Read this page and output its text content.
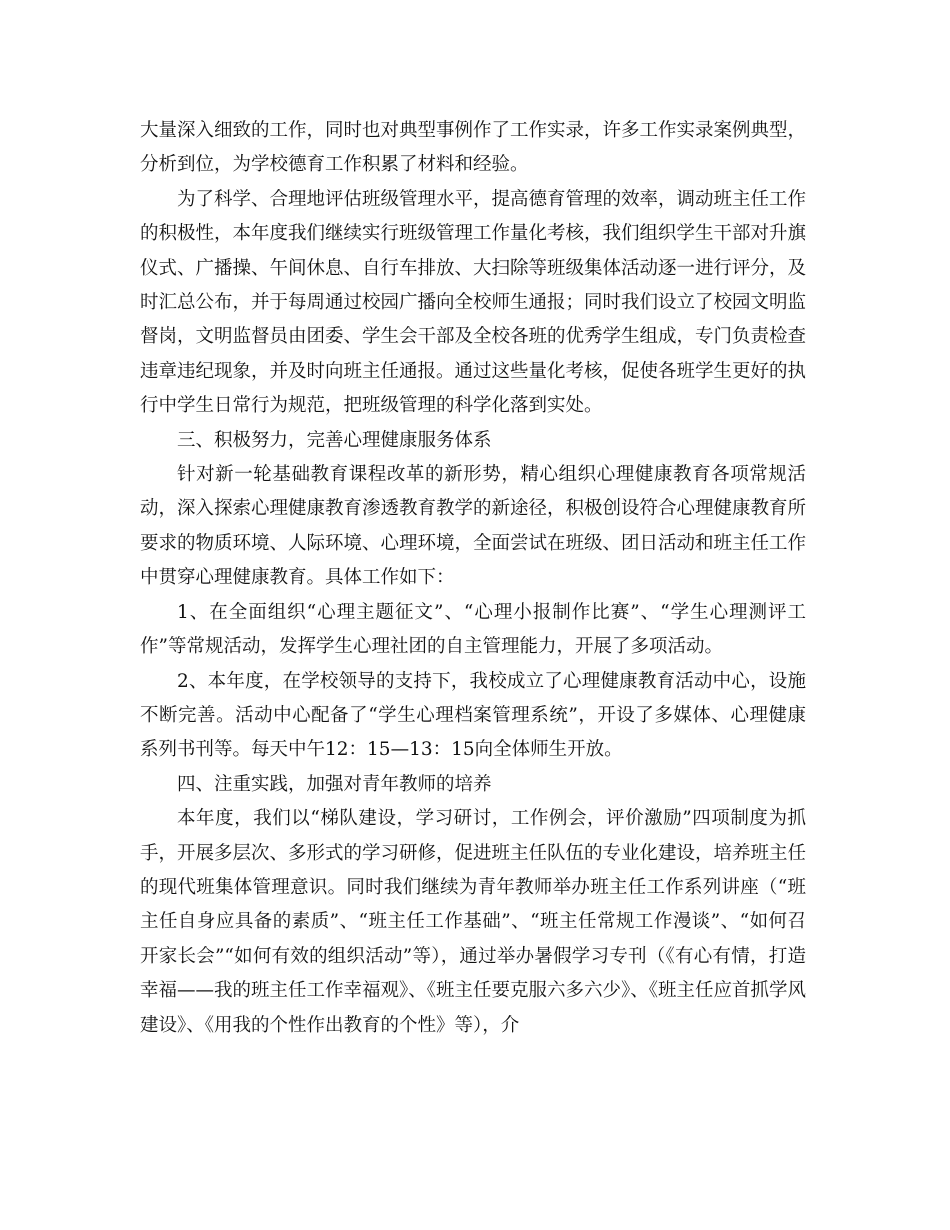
大量深入细致的工作，同时也对典型事例作了工作实录，许多工作实录案例典型，分析到位，为学校德育工作积累了材料和经验。

为了科学、合理地评估班级管理水平，提高德育管理的效率，调动班主任工作的积极性，本年度我们继续实行班级管理工作量化考核，我们组织学生干部对升旗仪式、广播操、午间休息、自行车排放、大扫除等班级集体活动逐一进行评分，及时汇总公布，并于每周通过校园广播向全校师生通报；同时我们设立了校园文明监督岗，文明监督员由团委、学生会干部及全校各班的优秀学生组成，专门负责检查违章违纪现象，并及时向班主任通报。通过这些量化考核，促使各班学生更好的执行中学生日常行为规范，把班级管理的科学化落到实处。

三、积极努力，完善心理健康服务体系

针对新一轮基础教育课程改革的新形势，精心组织心理健康教育各项常规活动，深入探索心理健康教育渗透教育教学的新途径，积极创设符合心理健康教育所要求的物质环境、人际环境、心理环境，全面尝试在班级、团日活动和班主任工作中贯穿心理健康教育。具体工作如下：

1、在全面组织“心理主题征文”、“心理小报制作比赛”、“学生心理测评工作”等常规活动，发挥学生心理社团的自主管理能力，开展了多项活动。

2、本年度，在学校领导的支持下，我校成立了心理健康教育活动中心，设施不断完善。活动中心配备了“学生心理档案管理系统”，开设了多媒体、心理健康系列书刊等。每天中午12：15—13：15向全体师生开放。

四、注重实践，加强对青年教师的培养

本年度，我们以“梯队建设，学习研讨，工作例会，评价激励”四项制度为抓手，开展多层次、多形式的学习研修，促进班主任队伍的专业化建设，培养班主任的现代班集体管理意识。同时我们继续为青年教师举办班主任工作系列讲座（“班主任自身应具备的素质”、“班主任工作基础”、“班主任常规工作漫谈”、“如何召开家长会”“如何有效的组织活动”等），通过举办暑假学习专刊（《有心有情，打造幸福——我的班主任工作幸福观》、《班主任要克服六多六少》、《班主任应首抓学风建设》、《用我的个性作出教育的个性》等），介
